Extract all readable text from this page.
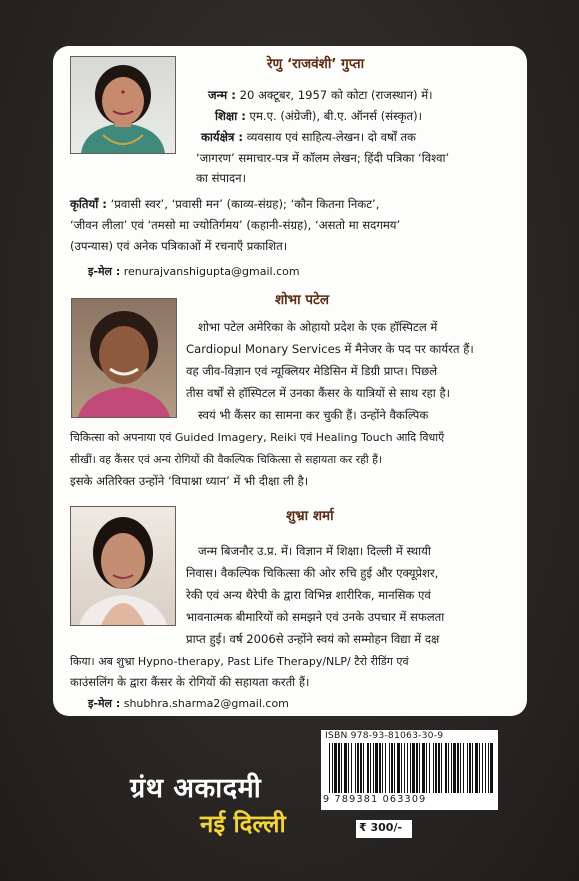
रेणु ‘राजवंशी’ गुप्ता
जन्म : 20 अक्टूबर, 1957 को कोटा (राजस्थान) में।
शिक्षा : एम.ए. (अंग्रेजी), बी.ए. ऑनर्स (संस्कृत)।
कार्यक्षेत्र : व्यवसाय एवं साहित्य-लेखन। दो वर्षों तक
‘जागरण’ समाचार-पत्र में कॉलम लेखन; हिंदी पत्रिका ‘विश्वा’
का संपादन।
कृतियाँ : ‘प्रवासी स्वर’, ‘प्रवासी मन’ (काव्य-संग्रह); ‘कौन कितना निकट’,
‘जीवन लीला’ एवं ‘तमसो मा ज्योतिर्गमय’ (कहानी-संग्रह), ‘असतो मा सदगमय’
(उपन्यास) एवं अनेक पत्रिकाओं में रचनाएँ प्रकाशित।
इ-मेल : renurajvanshigupta@gmail.com
शोभा पटेल
शोभा पटेल अमेरिका के ओहायो प्रदेश के एक हॉस्पिटल में
Cardiopul Monary Services में मैनेजर के पद पर कार्यरत हैं।
वह जीव-विज्ञान एवं न्यूक्लियर मेडिसिन में डिग्री प्राप्त। पिछले
तीस वर्षों से हॉस्पिटल में उनका कैंसर के यात्रियों से साथ रहा है।
स्वयं भी कैंसर का सामना कर चुकी हैं। उन्होंने वैकल्पिक
चिकित्सा को अपनाया एवं Guided Imagery, Reiki एवं Healing Touch आदि विधाएँ
सीखीं। वह कैंसर एवं अन्य रोगियों की वैकल्पिक चिकित्सा से सहायता कर रही हैं।
इसके अतिरिक्त उन्होंने ‘विपाश्ना ध्यान’ में भी दीक्षा ली है।
शुभ्रा शर्मा
जन्म बिजनौर उ.प्र. में। विज्ञान में शिक्षा। दिल्ली में स्थायी
निवास। वैकल्पिक चिकित्सा की ओर रुचि हुई और एक्यूप्रेशर,
रेकी एवं अन्य थैरेपी के द्वारा विभिन्न शारीरिक, मानसिक एवं
भावनात्मक बीमारियों को समझने एवं उनके उपचार में सफलता
प्राप्त हुई। वर्ष 2006से उन्होंने स्वयं को सम्मोहन विद्या में दक्ष
किया। अब शुभ्रा Hypno-therapy, Past Life Therapy/NLP/ टैरो रीडिंग एवं
काउंसलिंग के द्वारा कैंसर के रोगियों की सहायता करती हैं।
इ-मेल : shubhra.sharma2@gmail.com
ISBN 978-93-81063-30-9
9 789381 063309
₹ 300/-
ग्रंथ अकादमी
नई दिल्ली
